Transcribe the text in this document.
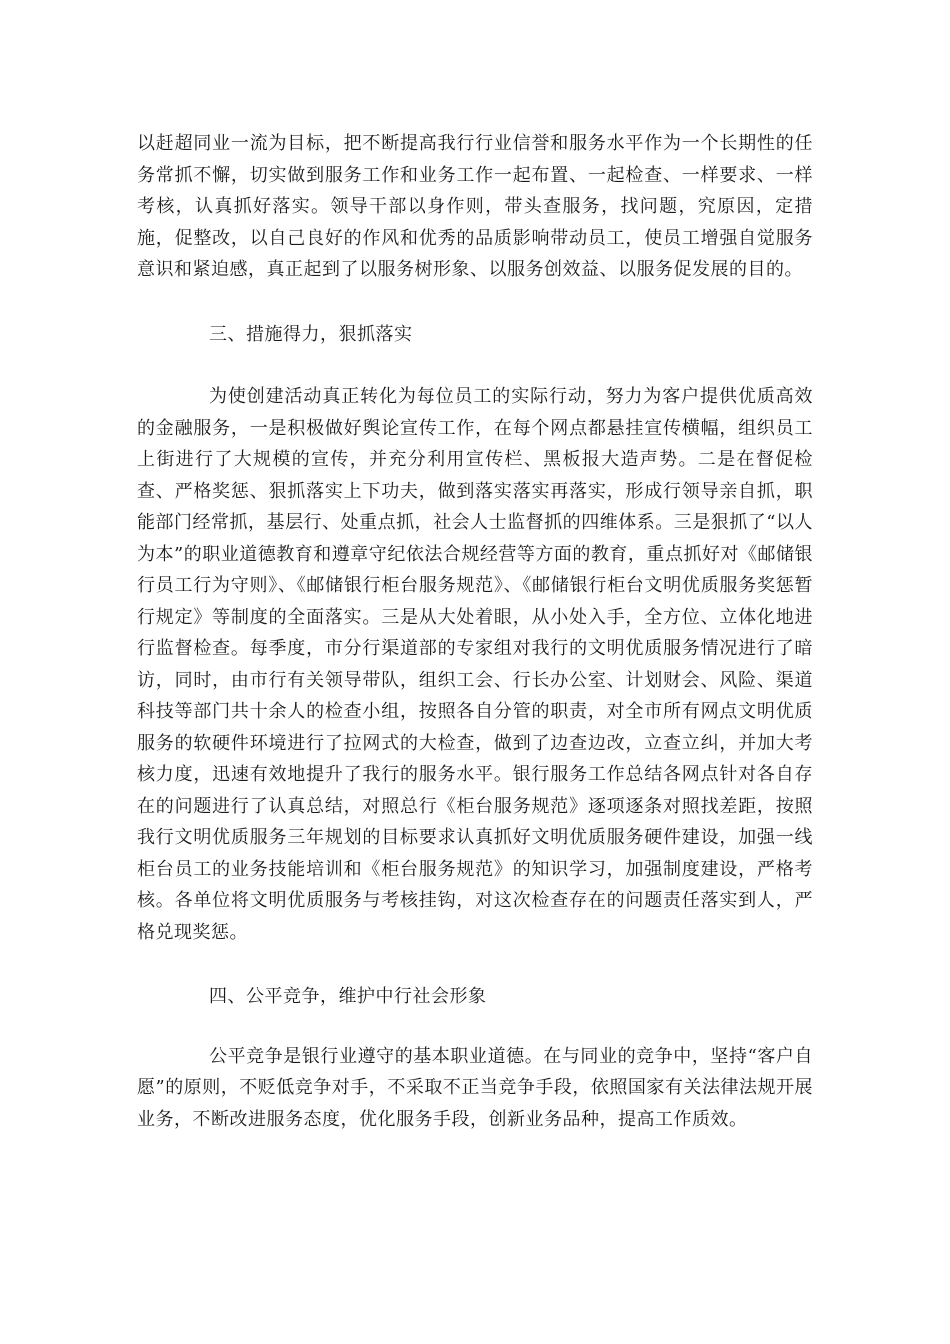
以赶超同业一流为目标，把不断提高我行行业信誉和服务水平作为一个长期性的任务常抓不懈，切实做到服务工作和业务工作一起布置、一起检查、一样要求、一样考核，认真抓好落实。领导干部以身作则，带头查服务，找问题，究原因，定措施，促整改，以自己良好的作风和优秀的品质影响带动员工，使员工增强自觉服务意识和紧迫感，真正起到了以服务树形象、以服务创效益、以服务促发展的目的。

三、措施得力，狠抓落实

为使创建活动真正转化为每位员工的实际行动，努力为客户提供优质高效的金融服务，一是积极做好舆论宣传工作，在每个网点都悬挂宣传横幅，组织员工上街进行了大规模的宣传，并充分利用宣传栏、黑板报大造声势。二是在督促检查、严格奖惩、狠抓落实上下功夫，做到落实落实再落实，形成行领导亲自抓，职能部门经常抓，基层行、处重点抓，社会人士监督抓的四维体系。三是狠抓了“以人为本”的职业道德教育和遵章守纪依法合规经营等方面的教育，重点抓好对《邮储银行员工行为守则》、《邮储银行柜台服务规范》、《邮储银行柜台文明优质服务奖惩暂行规定》等制度的全面落实。三是从大处着眼，从小处入手，全方位、立体化地进行监督检查。每季度，市分行渠道部的专家组对我行的文明优质服务情况进行了暗访，同时，由市行有关领导带队，组织工会、行长办公室、计划财会、风险、渠道科技等部门共十余人的检查小组，按照各自分管的职责，对全市所有网点文明优质服务的软硬件环境进行了拉网式的大检查，做到了边查边改，立查立纠，并加大考核力度，迅速有效地提升了我行的服务水平。银行服务工作总结各网点针对各自存在的问题进行了认真总结，对照总行《柜台服务规范》逐项逐条对照找差距，按照我行文明优质服务三年规划的目标要求认真抓好文明优质服务硬件建设，加强一线柜台员工的业务技能培训和《柜台服务规范》的知识学习，加强制度建设，严格考核。各单位将文明优质服务与考核挂钩，对这次检查存在的问题责任落实到人，严格兑现奖惩。

四、公平竞争，维护中行社会形象

公平竞争是银行业遵守的基本职业道德。在与同业的竞争中，坚持“客户自愿”的原则，不贬低竞争对手，不采取不正当竞争手段，依照国家有关法律法规开展业务，不断改进服务态度，优化服务手段，创新业务品种，提高工作质效。
